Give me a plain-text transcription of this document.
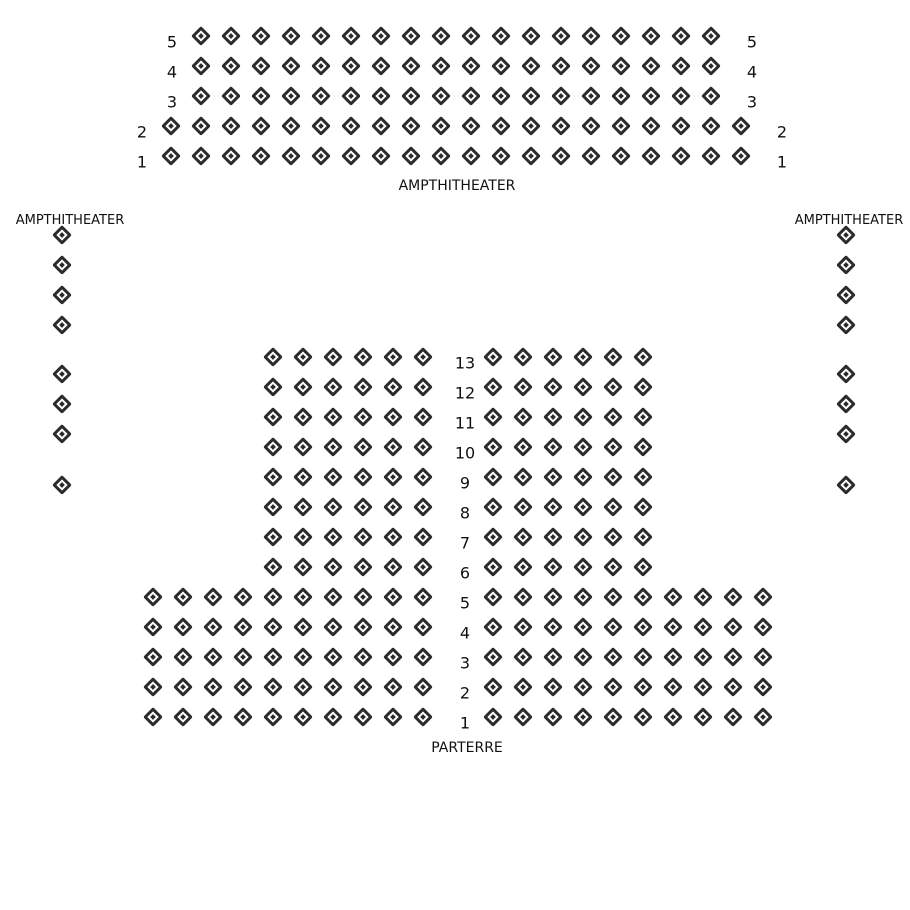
AMPTHITHEATER
AMPTHITHEATER	AMPTHITHEATER
PARTERRE
5	5
4	4
3	3
2	2
1	1
13
12
11
10
9
8
7
6
5
4
3
2
1
